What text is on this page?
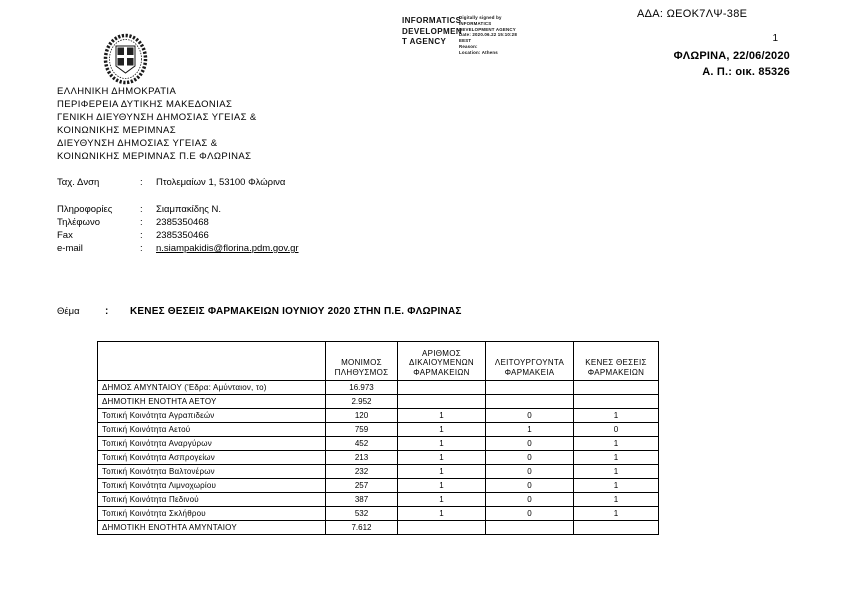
ΕΛΛΗΝΙΚΗ ΔΗΜΟΚΡΑΤΙΑ
ΠΕΡΙΦΕΡΕΙΑ ΔΥΤΙΚΗΣ ΜΑΚΕΔΟΝΙΑΣ
ΓΕΝΙΚΗ ΔΙΕΥΘΥΝΣΗ ΔΗΜΟΣΙΑΣ ΥΓΕΙΑΣ &
ΚΟΙΝΩΝΙΚΗΣ ΜΕΡΙΜΝΑΣ
ΔΙΕΥΘΥΝΣΗ ΔΗΜΟΣΙΑΣ ΥΓΕΙΑΣ &
ΚΟΙΝΩΝΙΚΗΣ ΜΕΡΙΜΝΑΣ Π.Ε ΦΛΩΡΙΝΑΣ
INFORMATICS
DEVELOPMEN
T AGENCY
Digitally signed by
INFORMATICS
DEVELOPMENT AGENCY
Date: 2020.06.22 15:10:28
EEST
Reason:
Location: Athens
ΑΔΑ: ΩΕΟΚ7ΛΨ-38Ε
1
ΦΛΩΡΙΝΑ, 22/06/2020
Α. Π.: οικ. 85326
Ταχ. Δνση	:	Πτολεμαίων 1, 53100 Φλώρινα
Πληροφορίες	:	Σιαμπακίδης Ν.
Τηλέφωνο	:	2385350468
Fax	:	2385350466
e-mail	:	n.siampakidis@florina.pdm.gov.gr
Θέμα	:	ΚΕΝΕΣ ΘΕΣΕΙΣ ΦΑΡΜΑΚΕΙΩΝ ΙΟΥΝΙΟΥ 2020 ΣΤΗΝ Π.Ε. ΦΛΩΡΙΝΑΣ
	ΜΟΝΙΜΟΣ ΠΛΗΘΥΣΜΟΣ	ΑΡΙΘΜΟΣ ΔΙΚΑΙΟΥΜΕΝΩΝ ΦΑΡΜΑΚΕΙΩΝ	ΛΕΙΤΟΥΡΓΟΥΝΤΑ ΦΑΡΜΑΚΕΙΑ	ΚΕΝΕΣ ΘΕΣΕΙΣ ΦΑΡΜΑΚΕΙΩΝ
ΔΗΜΟΣ ΑΜΥΝΤΑΙΟΥ ('Εδρα: Αμύνταιον, το)	16.973			
ΔΗΜΟΤΙΚΗ ΕΝΟΤΗΤΑ ΑΕΤΟΥ	2.952			
Τοπική Κοινότητα Αγραπιδεών	120	1	0	1
Τοπική Κοινότητα Αετού	759	1	1	0
Τοπική Κοινότητα Αναργύρων	452	1	0	1
Τοπική Κοινότητα Ασπρογείων	213	1	0	1
Τοπική Κοινότητα Βαλτονέρων	232	1	0	1
Τοπική Κοινότητα Λιμνοχωρίου	257	1	0	1
Τοπική Κοινότητα Πεδινού	387	1	0	1
Τοπική Κοινότητα Σκλήθρου	532	1	0	1
ΔΗΜΟΤΙΚΗ ΕΝΟΤΗΤΑ ΑΜΥΝΤΑΙΟΥ	7.612			
